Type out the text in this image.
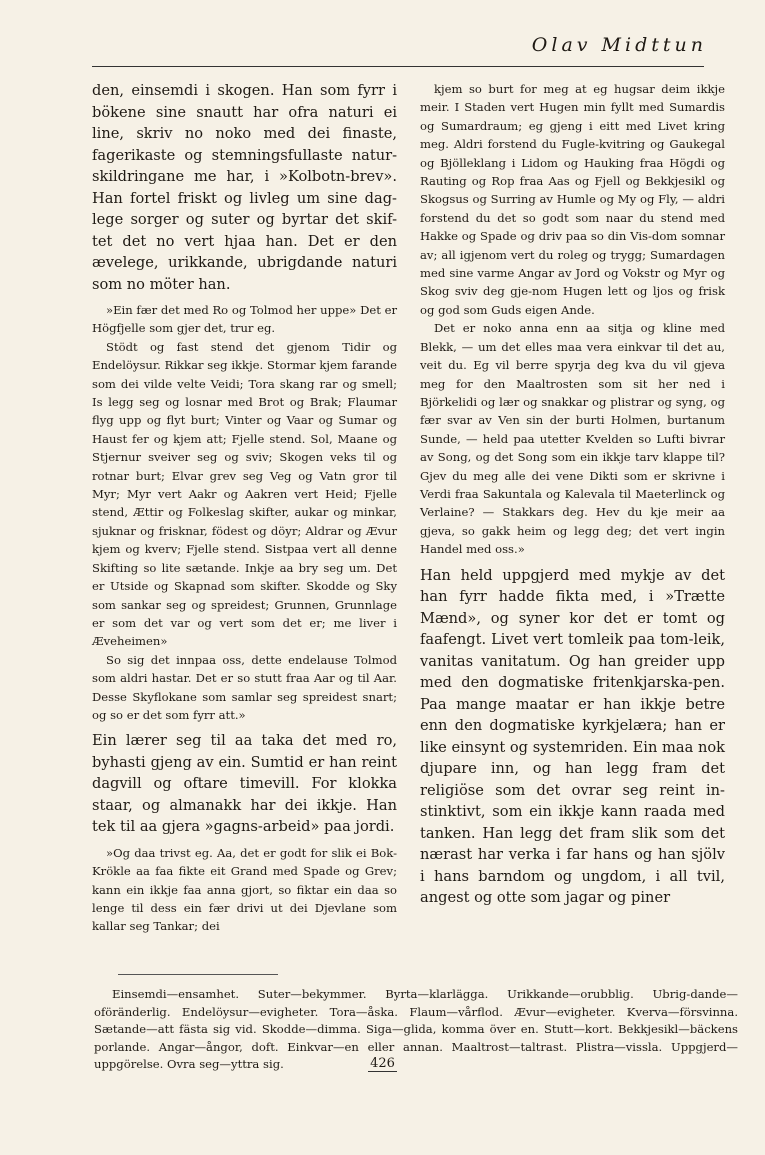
Olav Midttun

den, einsemdi i skogen. Han som fyrr i bökene sine snautt har ofra naturi ei line, skriv no noko med dei finaste, fagerikaste og stemningsfullaste natur-skildringane me har, i »Kolbotn-brev». Han fortel friskt og livleg um sine dag-lege sorger og suter og byrtar det skif-tet det no vert hjaa han. Det er den ævelege, urikkande, ubrigdande naturi som no möter han.

»Ein fær det med Ro og Tolmod her uppe» Det er Högfjelle som gjer det, trur eg.

Stödt og fast stend det gjenom Tidir og Endelöysur. Rikkar seg ikkje. Stormar kjem farande som dei vilde velte Veidi; Tora skang rar og smell; Is legg seg og losnar med Brot og Brak; Flaumar flyg upp og flyt burt; Vinter og Vaar og Sumar og Haust fer og kjem att; Fjelle stend. Sol, Maane og Stjernur sveiver seg og sviv; Skogen veks til og rotnar burt; Elvar grev seg Veg og Vatn gror til Myr; Myr vert Aakr og Aakren vert Heid; Fjelle stend, Ættir og Folkeslag skifter, aukar og minkar, sjuknar og frisknar, födest og döyr; Aldrar og Ævur kjem og kverv; Fjelle stend. Sistpaa vert all denne Skifting so lite sætande. Inkje aa bry seg um. Det er Utside og Skapnad som skifter. Skodde og Sky som sankar seg og spreidest; Grunnen, Grunnlage er som det var og vert som det er; me liver i Æveheimen»

So sig det innpaa oss, dette endelause Tolmod som aldri hastar. Det er so stutt fraa Aar og til Aar. Desse Skyflokane som samlar seg spreidest snart; og so er det som fyrr att.»

Ein lærer seg til aa taka det med ro, byhasti gjeng av ein. Sumtid er han reint dagvill og oftare timevill. For klokka staar, og almanakk har dei ikkje. Han tek til aa gjera »gagns-arbeid» paa jordi.

»Og daa trivst eg. Aa, det er godt for slik ei Bok-Krökle aa faa fikte eit Grand med Spade og Grev; kann ein ikkje faa anna gjort, so fiktar ein daa so lenge til dess ein fær drivi ut dei Djevlane som kallar seg Tankar; dei

kjem so burt for meg at eg hugsar deim ikkje meir. I Staden vert Hugen min fyllt med Sumardis og Sumardraum; eg gjeng i eitt med Livet kring meg. Aldri forstend du Fugle-kvitring og Gaukegal og Bjölleklang i Lidom og Hauking fraa Högdi og Rauting og Rop fraa Aas og Fjell og Bekkjesikl og Skogsus og Surring av Humle og My og Fly, — aldri forstend du det so godt som naar du stend med Hakke og Spade og driv paa so din Vis-dom somnar av; all igjenom vert du roleg og trygg; Sumardagen med sine varme Angar av Jord og Vokstr og Myr og Skog sviv deg gje-nom Hugen lett og ljos og frisk og god som Guds eigen Ande.

Det er noko anna enn aa sitja og kline med Blekk, — um det elles maa vera einkvar til det au, veit du. Eg vil berre spyrja deg kva du vil gjeva meg for den Maaltrosten som sit her ned i Björkelidi og lær og snakkar og plistrar og syng, og fær svar av Ven sin der burti Holmen, burtanum Sunde, — held paa utetter Kvelden so Lufti bivrar av Song, og det Song som ein ikkje tarv klappe til? Gjev du meg alle dei vene Dikti som er skrivne i Verdi fraa Sakuntala og Kalevala til Maeterlinck og Verlaine? — Stakkars deg. Hev du kje meir aa gjeva, so gakk heim og legg deg; det vert ingin Handel med oss.»

Han held uppgjerd med mykje av det han fyrr hadde fikta med, i »Trætte Mænd», og syner kor det er tomt og faafengt. Livet vert tomleik paa tom-leik, vanitas vanitatum. Og han greider upp med den dogmatiske fritenkjarska-pen. Paa mange maatar er han ikkje betre enn den dogmatiske kyrkjelæra; han er like einsynt og systemriden. Ein maa nok djupare inn, og han legg fram det religiöse som det ovrar seg reint in-stinktivt, som ein ikkje kann raada med tanken. Han legg det fram slik som det nærast har verka i far hans og han sjölv i hans barndom og ungdom, i all tvil, angest og otte som jagar og piner

Einsemdi—ensamhet. Suter—bekymmer. Byrta—klarlägga. Urikkande—orubblig. Ubrig-dande—oföränderlig. Endelöysur—evigheter. Tora—åska. Flaum—vårflod. Ævur—evigheter. Kverva—försvinna. Sætande—att fästa sig vid. Skodde—dimma. Siga—glida, komma över en. Stutt—kort. Bekkjesikl—bäckens porlande. Angar—ångor, doft. Einkvar—en eller annan. Maaltrost—taltrast. Plistra—vissla. Uppgjerd—uppgörelse. Ovra seg—yttra sig.	426
